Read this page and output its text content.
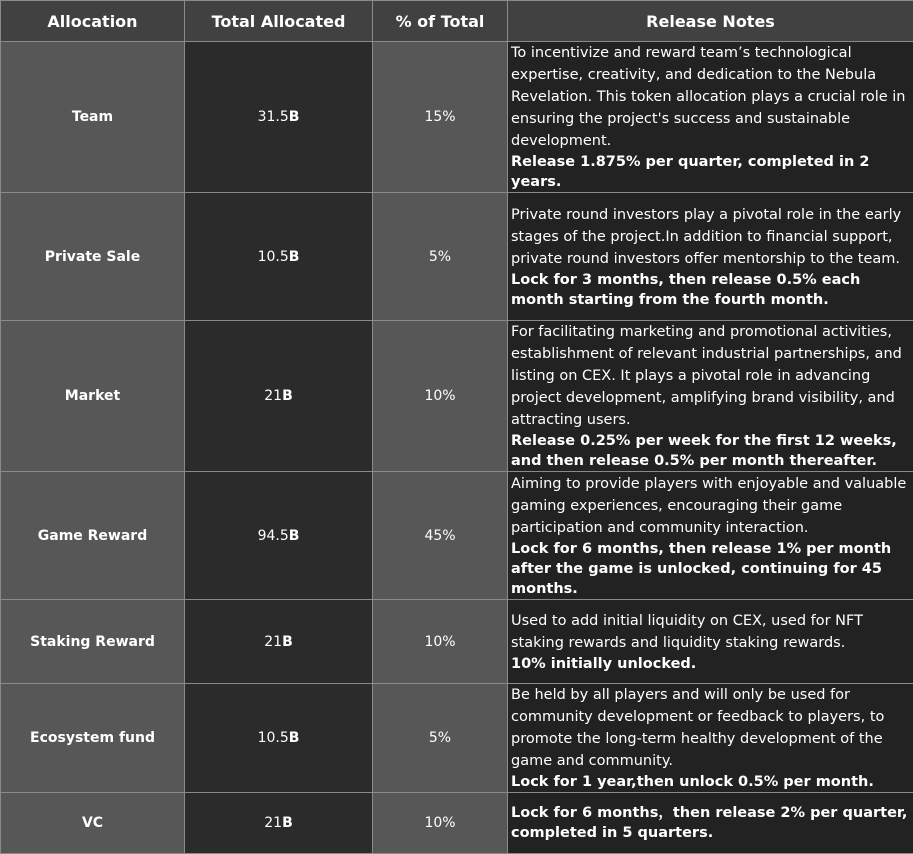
Allocation	Total Allocated	% of Total	Release Notes
Team	31.5B	15%	To incentivize and reward team’s technological expertise, creativity, and dedication to the Nebula Revelation. This token allocation plays a crucial role in ensuring the project's success and sustainable development.
Release 1.875% per quarter, completed in 2 years.

Private Sale	10.5B	5%	Private round investors play a pivotal role in the early stages of the project.In addition to financial support, private round investors offer mentorship to the team.
Lock for 3 months, then release 0.5% each month starting from the fourth month.

Market	21B	10%	For facilitating marketing and promotional activities, establishment of relevant industrial partnerships, and listing on CEX. It plays a pivotal role in advancing project development, amplifying brand visibility, and attracting users.
Release 0.25% per week for the first 12 weeks, and then release 0.5% per month thereafter.

Game Reward	94.5B	45%	Aiming to provide players with enjoyable and valuable gaming experiences, encouraging their game participation and community interaction.
Lock for 6 months, then release 1% per month after the game is unlocked, continuing for 45 months.

Staking Reward	21B	10%	Used to add initial liquidity on CEX, used for NFT staking rewards and liquidity staking rewards.
10% initially unlocked.

Ecosystem fund	10.5B	5%	Be held by all players and will only be used for community development or feedback to players, to promote the long-term healthy development of the game and community.
Lock for 1 year,then unlock 0.5% per month.

VC	21B	10%	Lock for 6 months，then release 2% per quarter, completed in 5 quarters.
